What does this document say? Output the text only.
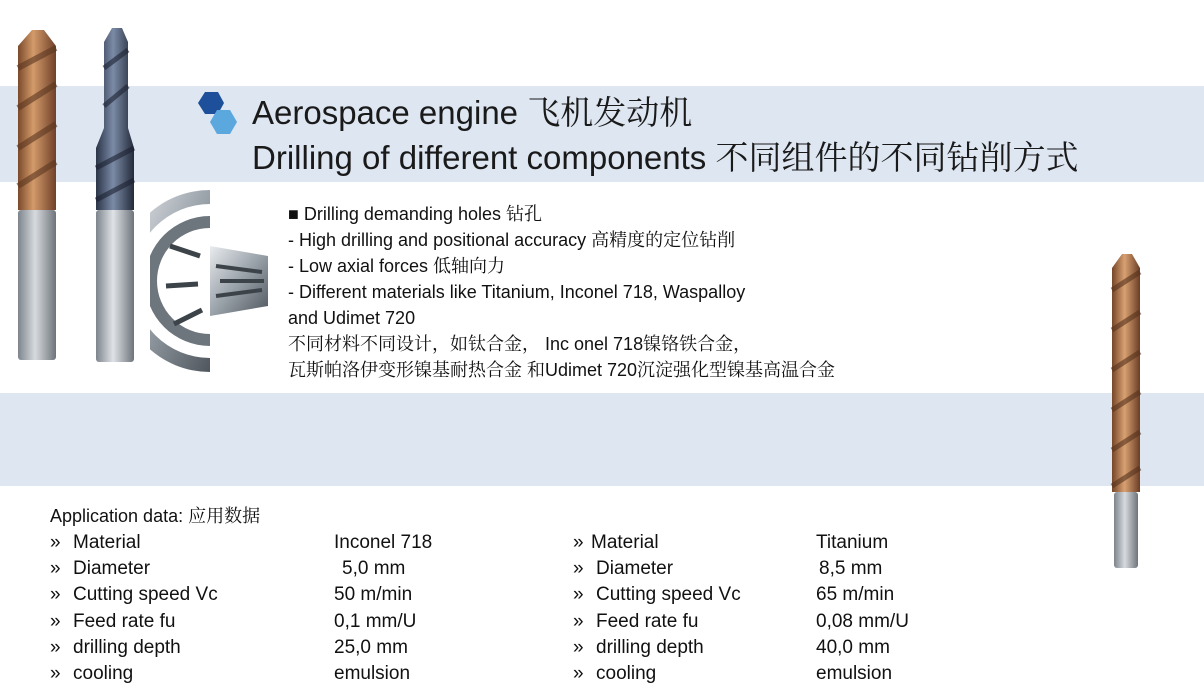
Aerospace engine 飞机发动机
Drilling of different components 不同组件的不同钻削方式
■ Drilling demanding holes 钻孔
- High drilling and positional accuracy 高精度的定位钻削
- Low axial forces 低轴向力
- Different materials like Titanium, Inconel 718, Waspalloy
and Udimet 720
不同材料不同设计，如钛合金， Inc onel 718镍铬铁合金，
瓦斯帕洛伊变形镍基耐热合金 和Udimet 720沉淀强化型镍基高温合金
Application data: 应用数据
» Material	Inconel 718
» Diameter	5,0 mm
» Cutting speed Vc	50 m/min
» Feed rate fu	0,1 mm/U
» drilling depth	25,0 mm
» cooling	emulsion
» Material	Titanium
» Diameter	8,5 mm
» Cutting speed Vc	65 m/min
» Feed rate fu	0,08 mm/U
» drilling depth	40,0 mm
» cooling	emulsion
